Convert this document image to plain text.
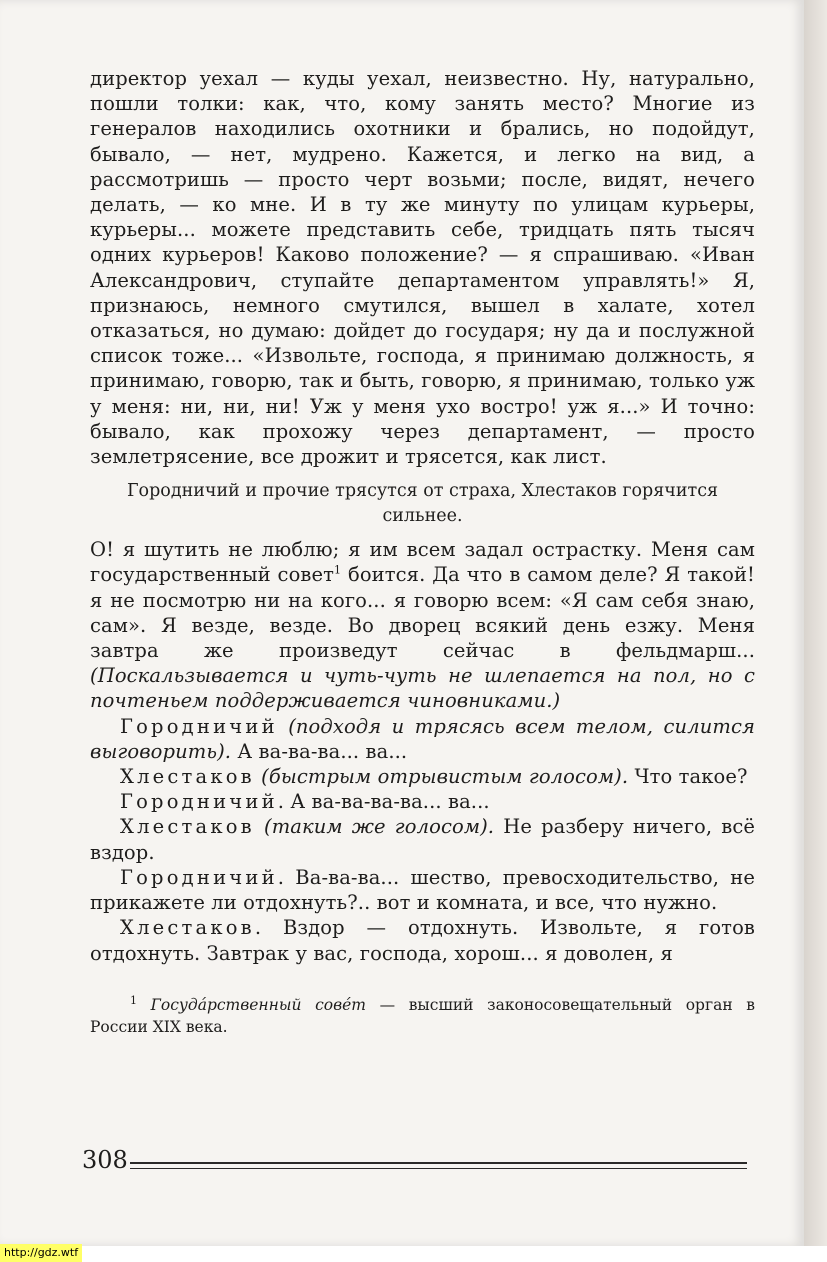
директор уехал — куды уехал, неизвестно. Ну, натурально, пошли толки: как, что, кому занять место? Многие из генералов находились охотники и брались, но подойдут, бывало, — нет, мудрено. Кажется, и легко на вид, а рассмотришь — просто черт возьми; после, видят, нечего делать, — ко мне. И в ту же минуту по улицам курьеры, курьеры... можете представить себе, тридцать пять тысяч одних курьеров! Каково положение? — я спрашиваю. «Иван Александрович, ступайте департаментом управлять!» Я, признаюсь, немного смутился, вышел в халате, хотел отказаться, но думаю: дойдет до государя; ну да и послужной список тоже... «Извольте, господа, я принимаю должность, я принимаю, говорю, так и быть, говорю, я принимаю, только уж у меня: ни, ни, ни! Уж у меня ухо востро! уж я...» И точно: бывало, как прохожу через департамент, — просто землетрясение, все дрожит и трясется, как лист.

Городничий и прочие трясутся от страха, Хлестаков горячится сильнее.

О! я шутить не люблю; я им всем задал острастку. Меня сам государственный совет$^1$ боится. Да что в самом деле? Я такой! я не посмотрю ни на кого... я говорю всем: «Я сам себя знаю, сам». Я везде, везде. Во дворец всякий день езжу. Меня завтра же произведут сейчас в фельдмарш... (Поскальзывается и чуть-чуть не шлепается на пол, но с почтеньем поддерживается чиновниками.)

Городничий (подходя и трясясь всем телом, силится выговорить). А ва-ва-ва... ва...

Хлестаков (быстрым отрывистым голосом). Что такое?

Городничий. А ва-ва-ва-ва... ва...

Хлестаков (таким же голосом). Не разберу ничего, всё вздор.

Городничий. Ва-ва-ва... шество, превосходительство, не прикажете ли отдохнуть?.. вот и комната, и все, что нужно.

Хлестаков. Вздор — отдохнуть. Извольте, я готов отдохнуть. Завтрак у вас, господа, хорош... я доволен, я

$^1$ Госуда́рственный сове́т — высший законосовещательный орган в России XIX века.
308
http://gdz.wtf
